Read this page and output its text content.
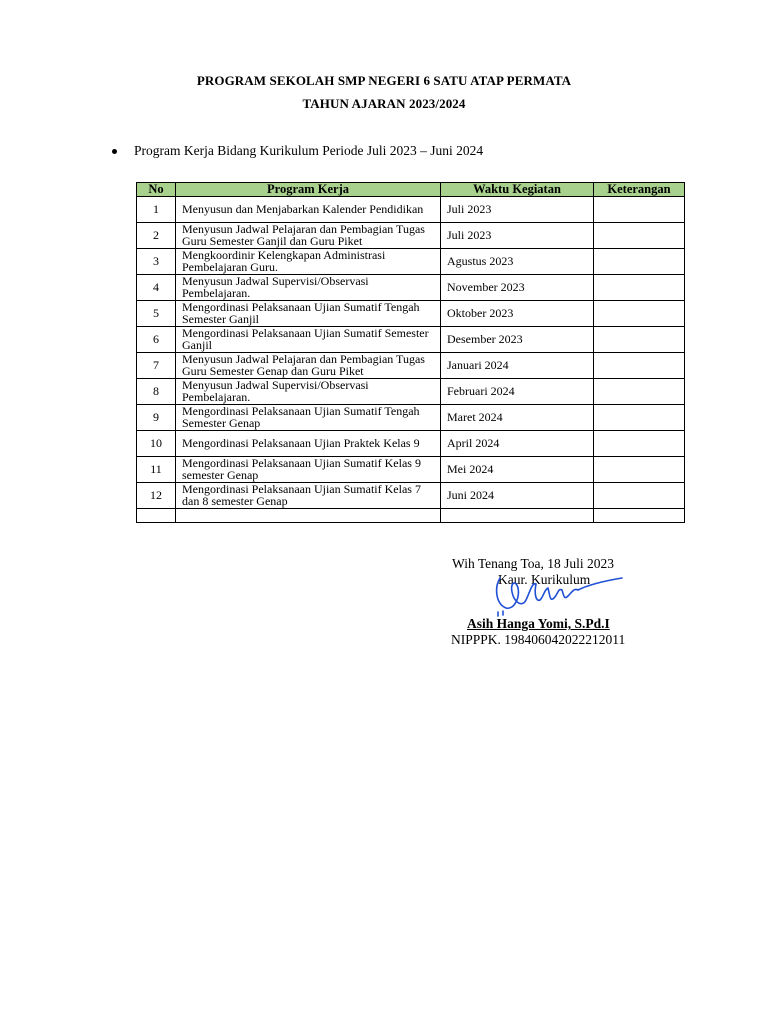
PROGRAM SEKOLAH SMP NEGERI 6 SATU ATAP PERMATA
TAHUN AJARAN 2023/2024
Program Kerja Bidang Kurikulum Periode Juli 2023 – Juni 2024
No	Program Kerja	Waktu Kegiatan	Keterangan
1	Menyusun dan Menjabarkan Kalender Pendidikan	Juli 2023	
2	Menyusun Jadwal Pelajaran dan Pembagian Tugas Guru Semester Ganjil dan Guru Piket	Juli 2023	
3	Mengkoordinir Kelengkapan Administrasi Pembelajaran Guru.	Agustus 2023	
4	Menyusun Jadwal Supervisi/Observasi Pembelajaran.	November 2023	
5	Mengordinasi Pelaksanaan Ujian Sumatif Tengah Semester Ganjil	Oktober 2023	
6	Mengordinasi Pelaksanaan Ujian Sumatif Semester Ganjil	Desember 2023	
7	Menyusun Jadwal Pelajaran dan Pembagian Tugas Guru Semester Genap dan Guru Piket	Januari 2024	
8	Menyusun Jadwal Supervisi/Observasi Pembelajaran.	Februari 2024	
9	Mengordinasi Pelaksanaan Ujian Sumatif Tengah Semester Genap	Maret 2024	
10	Mengordinasi Pelaksanaan Ujian Praktek Kelas 9	April 2024	
11	Mengordinasi Pelaksanaan Ujian Sumatif Kelas 9 semester Genap	Mei 2024	
12	Mengordinasi Pelaksanaan Ujian Sumatif Kelas 7 dan 8 semester Genap	Juni 2024	

Wih Tenang Toa, 18 Juli 2023
Kaur. Kurikulum
Asih Hanga Yomi, S.Pd.I
NIPPPK. 198406042022212011
